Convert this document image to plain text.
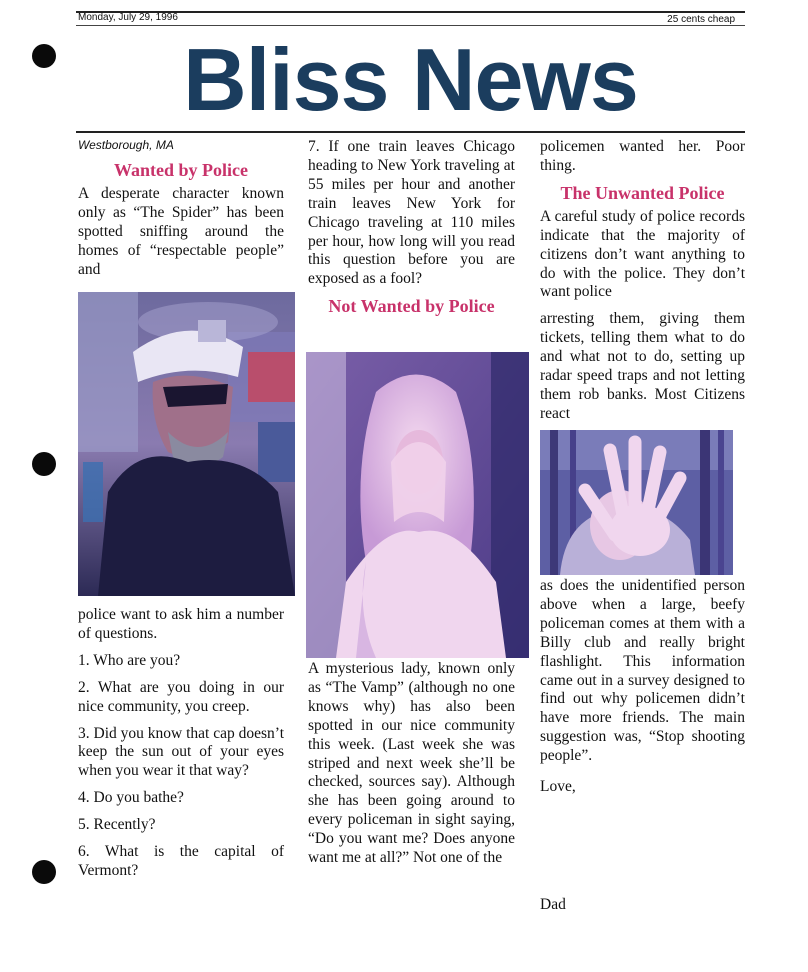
Monday, July 29, 1996	25 cents cheap
Bliss News

Westborough, MA

Wanted by Police

A desperate character known only as “The Spider” has been spotted sniffing around the homes of “respectable people” and

police want to ask him a number of questions.

1. Who are you?

2. What are you doing in our nice community, you creep.

3. Did you know that cap doesn’t keep the sun out of your eyes when you wear it that way?

4. Do you bathe?

5. Recently?

6. What is the capital of Vermont?

7. If one train leaves Chicago heading to New York traveling at 55 miles per hour and another train leaves New York for Chicago traveling at 110 miles per hour, how long will you read this question before you are exposed as a fool?

Not Wanted by Police

A mysterious lady, known only as “The Vamp” (although no one knows why) has also been spotted in our nice community this week. (Last week she was striped and next week she’ll be checked, sources say). Although she has been going around to every policeman in sight saying, “Do you want me? Does anyone want me at all?” Not one of the

policemen wanted her. Poor thing.

The Unwanted Police

A careful study of police records indicate that the majority of citizens don’t want anything to do with the police. They don’t want police

arresting them, giving them tickets, telling them what to do and what not to do, setting up radar speed traps and not letting them rob banks. Most Citizens react

as does the unidentified person above when a large, beefy policeman comes at them with a Billy club and really bright flashlight. This information came out in a survey designed to find out why policemen didn’t have more friends. The main suggestion was, “Stop shooting people”.

Love,

Dad
